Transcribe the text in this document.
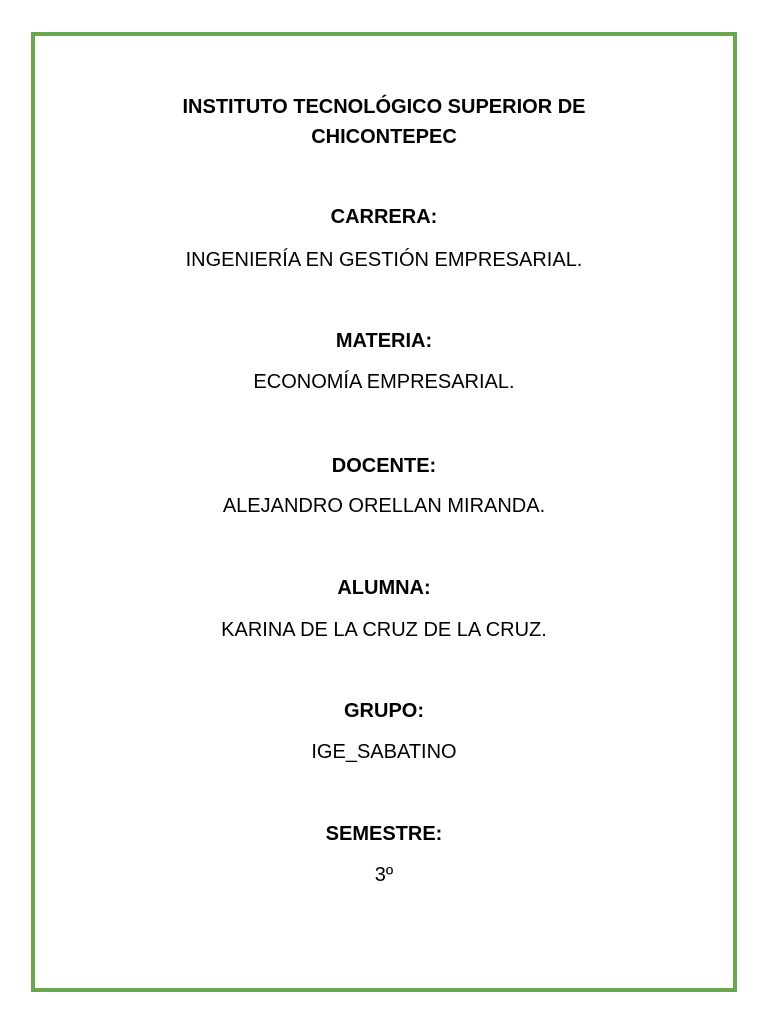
INSTITUTO TECNOLÓGICO SUPERIOR DE
CHICONTEPEC
CARRERA:
INGENIERÍA EN GESTIÓN EMPRESARIAL.
MATERIA:
ECONOMÍA EMPRESARIAL.
DOCENTE:
ALEJANDRO ORELLAN MIRANDA.
ALUMNA:
KARINA DE LA CRUZ DE LA CRUZ.
GRUPO:
IGE_SABATINO
SEMESTRE:
3º
